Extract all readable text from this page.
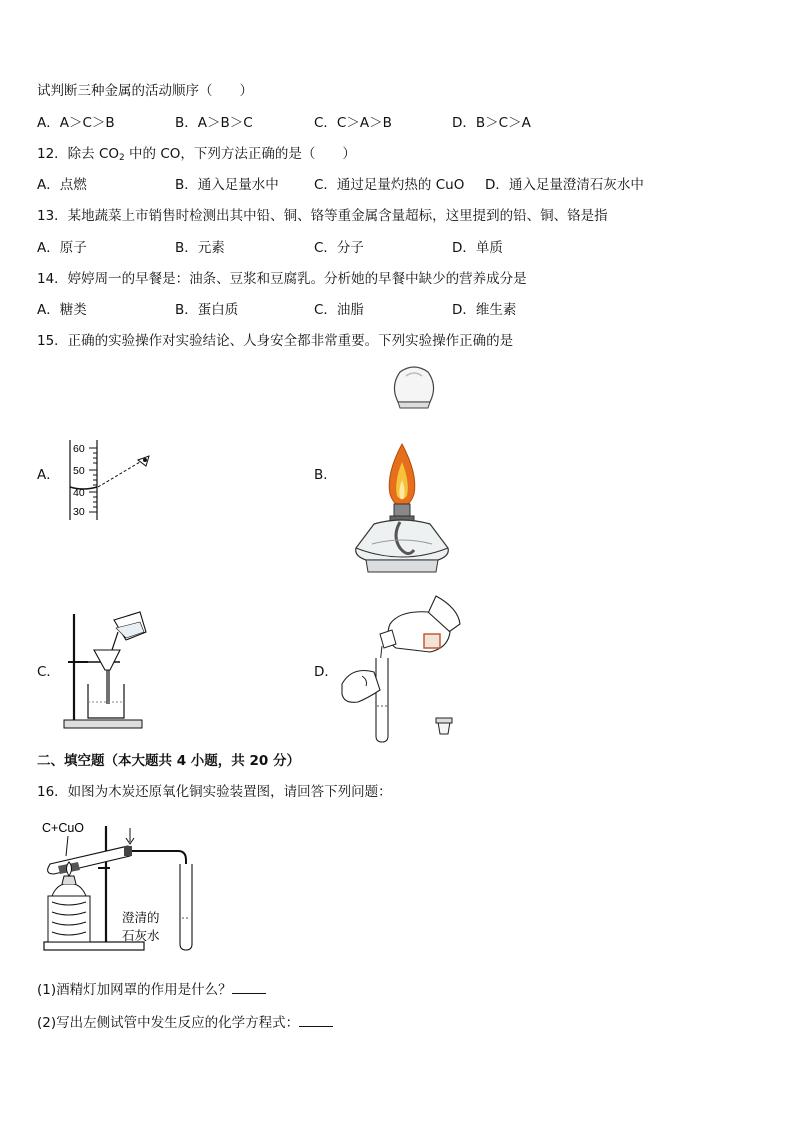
试判断三种金属的活动顺序（　　）
A．A＞C＞B	B．A＞B＞C	C．C＞A＞B	D．B＞C＞A
12．除去 $CO_2$ 中的 CO，下列方法正确的是（　　）
A．点燃	B．通入足量水中	C．通过足量灼热的 CuO D．通入足量澄清石灰水中
13．某地蔬菜上市销售时检测出其中铅、铜、铬等重金属含量超标，这里提到的铅、铜、铬是指
A．原子	B．元素	C．分子	D．单质
14．婷婷周一的早餐是：油条、豆浆和豆腐乳。分析她的早餐中缺少的营养成分是
A．糖类	B．蛋白质	C．油脂	D．维生素
15．正确的实验操作对实验结论、人身安全都非常重要。下列实验操作正确的是
A．
60
50
40
30
B．
C．	D．
二、填空题（本大题共 4 小题，共 20 分）
16．如图为木炭还原氧化铜实验装置图，请回答下列问题：
C+CuO
澄清的
石灰水
(1)酒精灯加网罩的作用是什么？
(2)写出左侧试管中发生反应的化学方程式：
